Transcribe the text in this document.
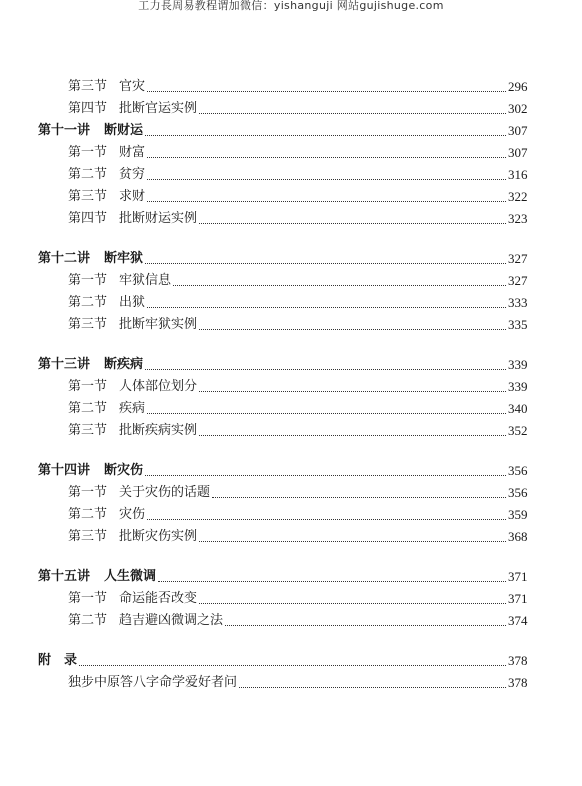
工力長周易教程谓加微信：yishanguji 网站gujishuge.com
第三节 官灾	296
第四节 批断官运实例	302
第十一讲 断财运	307
第一节 财富	307
第二节 贫穷	316
第三节 求财	322
第四节 批断财运实例	323
第十二讲 断牢狱	327
第一节 牢狱信息	327
第二节 出狱	333
第三节 批断牢狱实例	335
第十三讲 断疾病	339
第一节 人体部位划分	339
第二节 疾病	340
第三节 批断疾病实例	352
第十四讲 断灾伤	356
第一节 关于灾伤的话题	356
第二节 灾伤	359
第三节 批断灾伤实例	368
第十五讲 人生微调	371
第一节 命运能否改变	371
第二节 趋吉避凶微调之法	374
附　录	378
独步中原答八字命学爱好者问	378
